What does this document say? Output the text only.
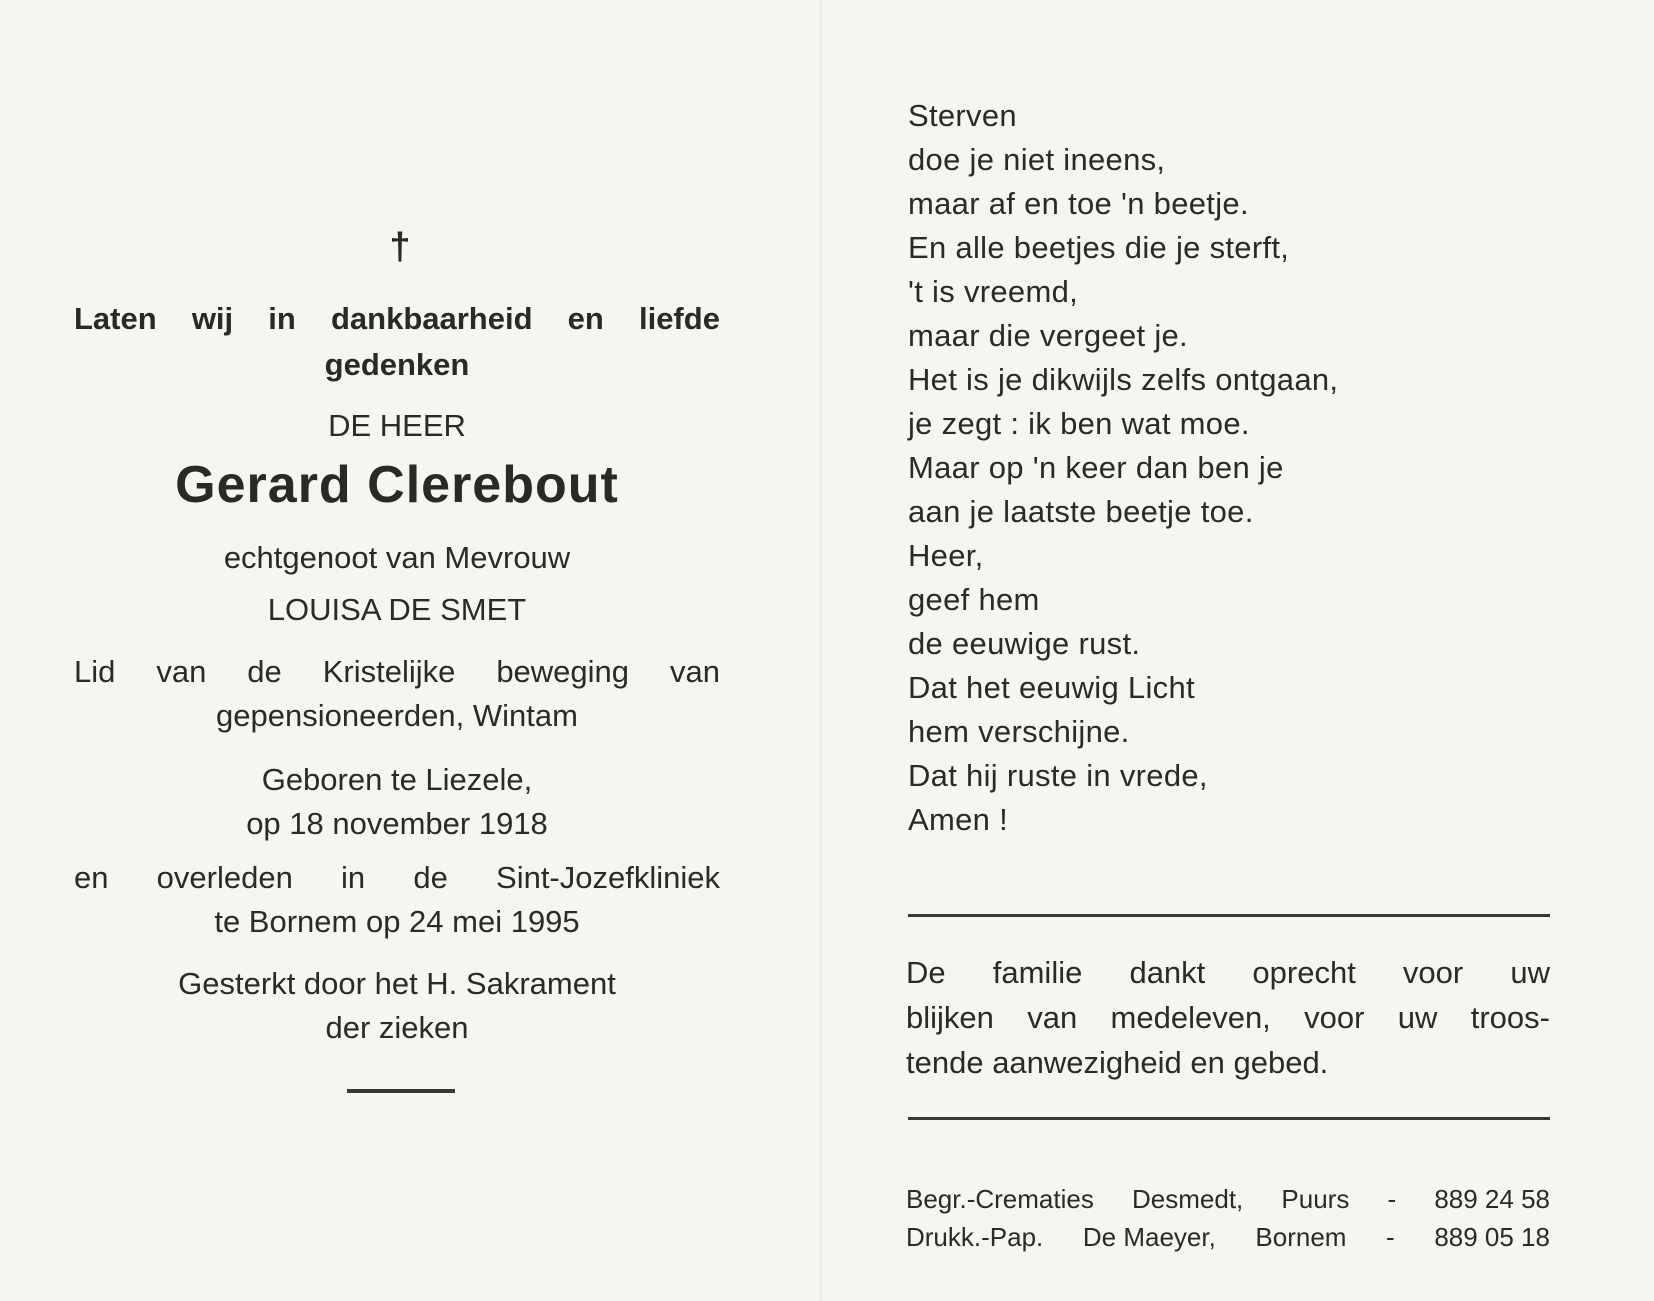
†
Laten wij in dankbaarheid en liefde
gedenken
DE HEER
Gerard Clerebout
echtgenoot van Mevrouw
LOUISA DE SMET
Lid van de Kristelijke beweging van
gepensioneerden, Wintam
Geboren te Liezele,
op 18 november 1918
en overleden in de Sint-Jozefkliniek
te Bornem op 24 mei 1995
Gesterkt door het H. Sakrament
der zieken
Sterven
doe je niet ineens,
maar af en toe 'n beetje.
En alle beetjes die je sterft,
't is vreemd,
maar die vergeet je.
Het is je dikwijls zelfs ontgaan,
je zegt : ik ben wat moe.
Maar op 'n keer dan ben je
aan je laatste beetje toe.
Heer,
geef hem
de eeuwige rust.
Dat het eeuwig Licht
hem verschijne.
Dat hij ruste in vrede,
Amen !
De familie dankt oprecht voor uw
blijken van medeleven, voor uw troos-
tende aanwezigheid en gebed.
Begr.-Crematies Desmedt, Puurs - 889 24 58
Drukk.-Pap. De Maeyer, Bornem - 889 05 18
